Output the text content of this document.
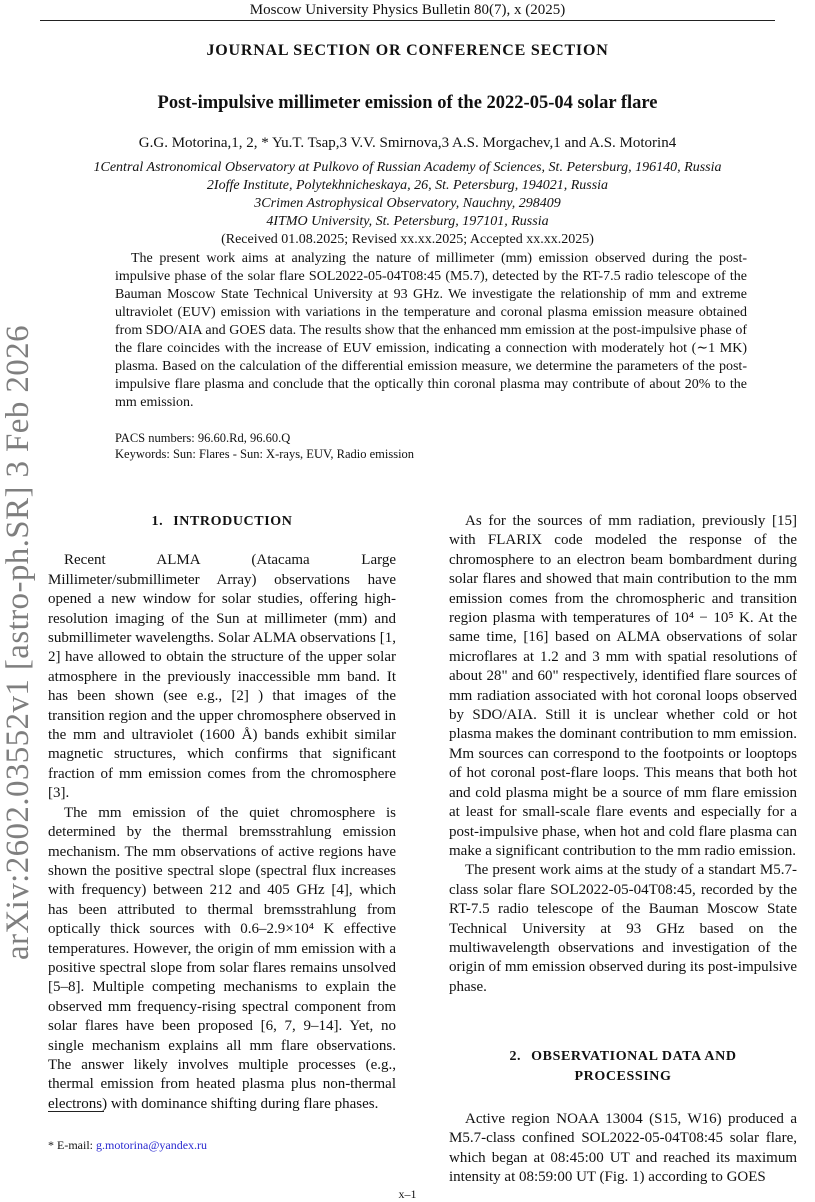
Moscow University Physics Bulletin 80(7), x (2025)
JOURNAL SECTION OR CONFERENCE SECTION
Post-impulsive millimeter emission of the 2022-05-04 solar flare
G.G. Motorina,1, 2, * Yu.T. Tsap,3 V.V. Smirnova,3 A.S. Morgachev,1 and A.S. Motorin4
1Central Astronomical Observatory at Pulkovo of Russian Academy of Sciences, St. Petersburg, 196140, Russia
2Ioffe Institute, Polytekhnicheskaya, 26, St. Petersburg, 194021, Russia
3Crimen Astrophysical Observatory, Nauchny, 298409
4ITMO University, St. Petersburg, 197101, Russia
(Received 01.08.2025; Revised xx.xx.2025; Accepted xx.xx.2025)
The present work aims at analyzing the nature of millimeter (mm) emission observed during the post-impulsive phase of the solar flare SOL2022-05-04T08:45 (M5.7), detected by the RT-7.5 radio telescope of the Bauman Moscow State Technical University at 93 GHz. We investigate the relationship of mm and extreme ultraviolet (EUV) emission with variations in the temperature and coronal plasma emission measure obtained from SDO/AIA and GOES data. The results show that the enhanced mm emission at the post-impulsive phase of the flare coincides with the increase of EUV emission, indicating a connection with moderately hot (∼1 MK) plasma. Based on the calculation of the differential emission measure, we determine the parameters of the post-impulsive flare plasma and conclude that the optically thin coronal plasma may contribute of about 20% to the mm emission.
PACS numbers: 96.60.Rd, 96.60.Q
Keywords: Sun: Flares - Sun: X-rays, EUV, Radio emission

1. INTRODUCTION

Recent ALMA (Atacama Large Millimeter/submillimeter Array) observations have opened a new window for solar studies, offering high-resolution imaging of the Sun at millimeter (mm) and submillimeter wavelengths. Solar ALMA observations [1, 2] have allowed to obtain the structure of the upper solar atmosphere in the previously inaccessible mm band. It has been shown (see e.g., [2] ) that images of the transition region and the upper chromosphere observed in the mm and ultraviolet (1600 Å) bands exhibit similar magnetic structures, which confirms that significant fraction of mm emission comes from the chromosphere [3].

The mm emission of the quiet chromosphere is determined by the thermal bremsstrahlung emission mechanism. The mm observations of active regions have shown the positive spectral slope (spectral flux increases with frequency) between 212 and 405 GHz [4], which has been attributed to thermal bremsstrahlung from optically thick sources with 0.6–2.9×10⁴ K effective temperatures. However, the origin of mm emission with a positive spectral slope from solar flares remains unsolved [5–8]. Multiple competing mechanisms to explain the observed mm frequency-rising spectral component from solar flares have been proposed [6, 7, 9–14]. Yet, no single mechanism explains all mm flare observations. The answer likely involves multiple processes (e.g., thermal emission from heated plasma plus non-thermal electrons) with dominance shifting during flare phases.

As for the sources of mm radiation, previously [15] with FLARIX code modeled the response of the chromosphere to an electron beam bombardment during solar flares and showed that main contribution to the mm emission comes from the chromospheric and transition region plasma with temperatures of 10⁴ − 10⁵ K. At the same time, [16] based on ALMA observations of solar microflares at 1.2 and 3 mm with spatial resolutions of about 28" and 60" respectively, identified flare sources of mm radiation associated with hot coronal loops observed by SDO/AIA. Still it is unclear whether cold or hot plasma makes the dominant contribution to mm emission. Mm sources can correspond to the footpoints or looptops of hot coronal post-flare loops. This means that both hot and cold plasma might be a source of mm flare emission at least for small-scale flare events and especially for a post-impulsive phase, when hot and cold flare plasma can make a significant contribution to the mm radio emission.

The present work aims at the study of a standart M5.7-class solar flare SOL2022-05-04T08:45, recorded by the RT-7.5 radio telescope of the Bauman Moscow State Technical University at 93 GHz based on the multiwavelength observations and investigation of the origin of mm emission observed during its post-impulsive phase.

2. OBSERVATIONAL DATA AND
PROCESSING

Active region NOAA 13004 (S15, W16) produced a M5.7-class confined SOL2022-05-04T08:45 solar flare, which began at 08:45:00 UT and reached its maximum intensity at 08:59:00 UT (Fig. 1) according to GOES

* E-mail: g.motorina@yandex.ru
x–1
arXiv:2602.03552v1 [astro-ph.SR] 3 Feb 2026
